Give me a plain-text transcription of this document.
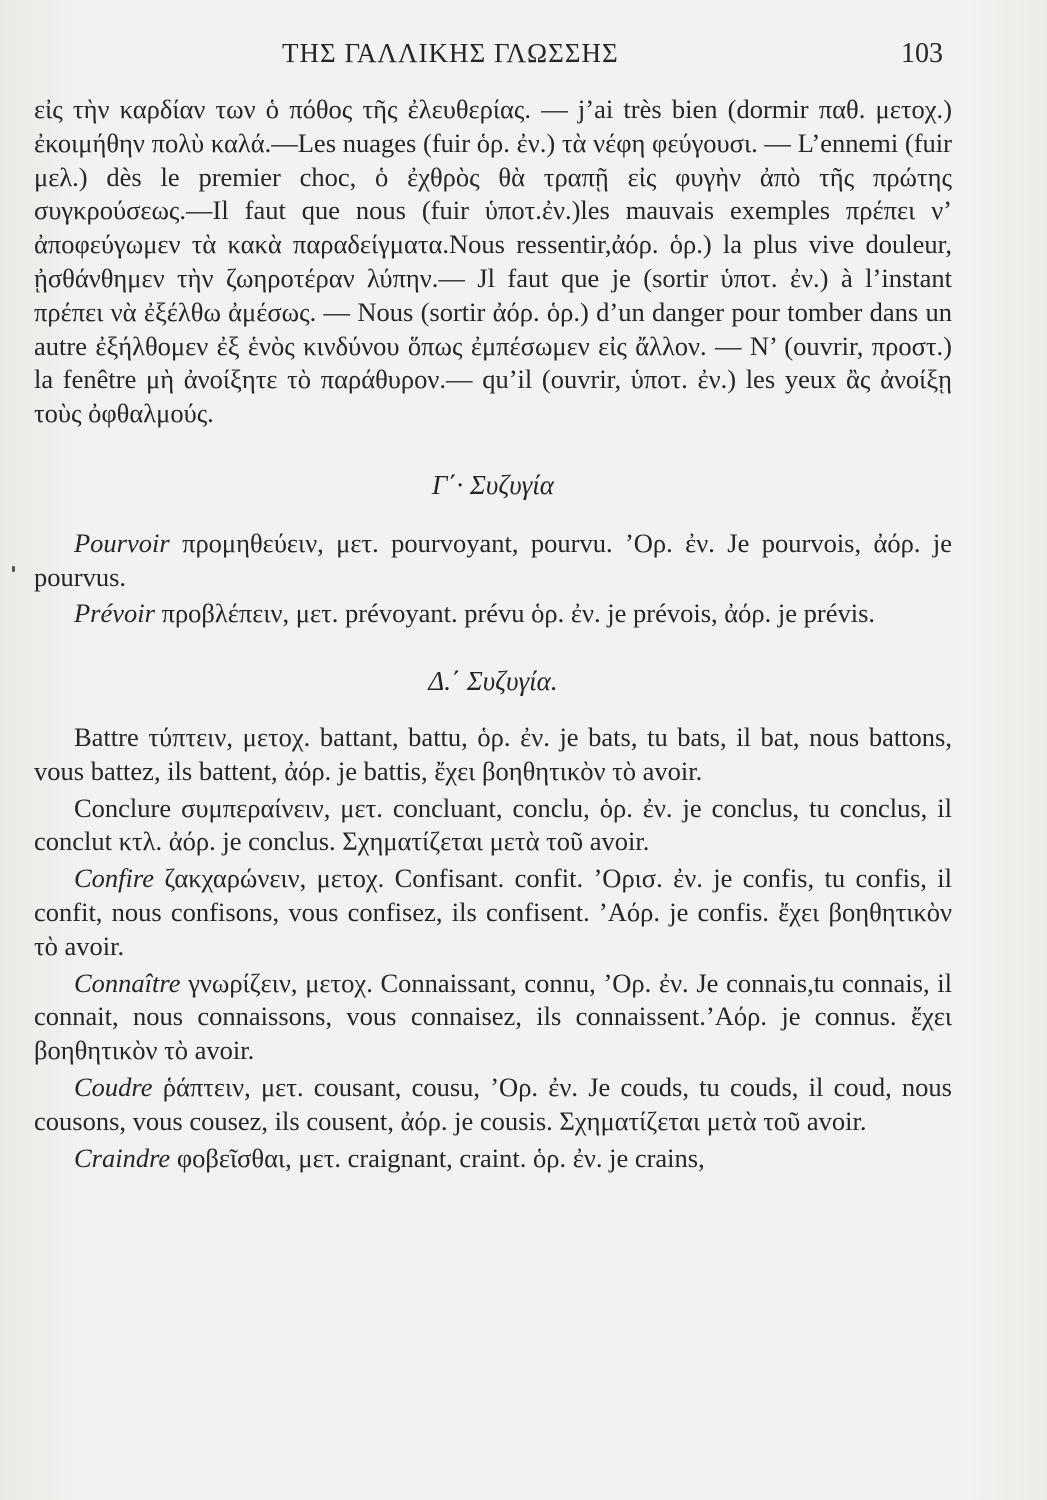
ΤΗΣ ΓΑΛΛΙΚΗΣ ΓΛΩΣΣΗΣ	103

εἰς τὴν καρδίαν των ὁ πόθος τῆς ἐλευθερίας. — j’ai très bien (dormir παθ. μετοχ.) ἐκοιμήθην πολὺ καλά.—Les nuages (fuir ὁρ. ἐν.) τὰ νέφη φεύγουσι. — L’ennemi (fuir μελ.) dès le premier choc, ὁ ἐχθρὸς θὰ τραπῇ εἰς φυγὴν ἀπὸ τῆς πρώτης συγκρούσεως.—Il faut que nous (fuir ὑποτ.ἐν.)les mauvais exemples πρέπει ν’ ἀποφεύγωμεν τὰ κακὰ παραδείγματα.Nous ressentir,ἀόρ. ὁρ.) la plus vive douleur, ᾐσθάνθημεν τὴν ζωηροτέραν λύπην.— Jl faut que je (sortir ὑποτ. ἐν.) à l’instant πρέπει νὰ ἐξέλθω ἀμέσως. — Nous (sortir ἀόρ. ὁρ.) d’un danger pour tomber dans un autre ἐξήλθομεν ἐξ ἑνὸς κινδύνου ὅπως ἐμπέσωμεν εἰς ἄλλον. — N’ (ouvrir, προστ.) la fenêtre μὴ ἀνοίξητε τὸ παράθυρον.— qu’il (ouvrir, ὑποτ. ἐν.) les yeux ἂς ἀνοίξῃ τοὺς ὀφθαλμούς.

Γ΄· Συζυγία

Pourvoir προμηθεύειν, μετ. pourvoyant, pourvu. ’Ορ. ἐν. Je pourvois, ἀόρ. je pourvus.

Prévoir προβλέπειν, μετ. prévoyant. prévu ὁρ. ἐν. je prévois, ἀόρ. je prévis.

Δ.΄ Συζυγία.

Battre τύπτειν, μετοχ. battant, battu, ὁρ. ἐν. je bats, tu bats, il bat, nous battons, vous battez, ils battent, ἀόρ. je battis, ἔχει βοηθητικὸν τὸ avoir.

Conclure συμπεραίνειν, μετ. concluant, conclu, ὁρ. ἐν. je conclus, tu conclus, il conclut κτλ. ἀόρ. je conclus. Σχηματίζεται μετὰ τοῦ avoir.

Confire ζακχαρώνειν, μετοχ. Confisant. confit. ’Ορισ. ἐν. je confis, tu confis, il confit, nous confisons, vous confisez, ils confisent. ’Αόρ. je confis. ἔχει βοηθητικὸν τὸ avoir.

Connaître γνωρίζειν, μετοχ. Connaissant, connu, ’Ορ. ἐν. Je connais,tu connais, il connait, nous connaissons, vous connaisez, ils connaissent.’Αόρ. je connus. ἔχει βοηθητικὸν τὸ avoir.

Coudre ῥάπτειν, μετ. cousant, cousu, ’Ορ. ἐν. Je couds, tu couds, il coud, nous cousons, vous cousez, ils cousent, ἀόρ. je cousis. Σχηματίζεται μετὰ τοῦ avoir.

Craindre φοβεῖσθαι, μετ. craignant, craint. ὁρ. ἐν. je crains,
